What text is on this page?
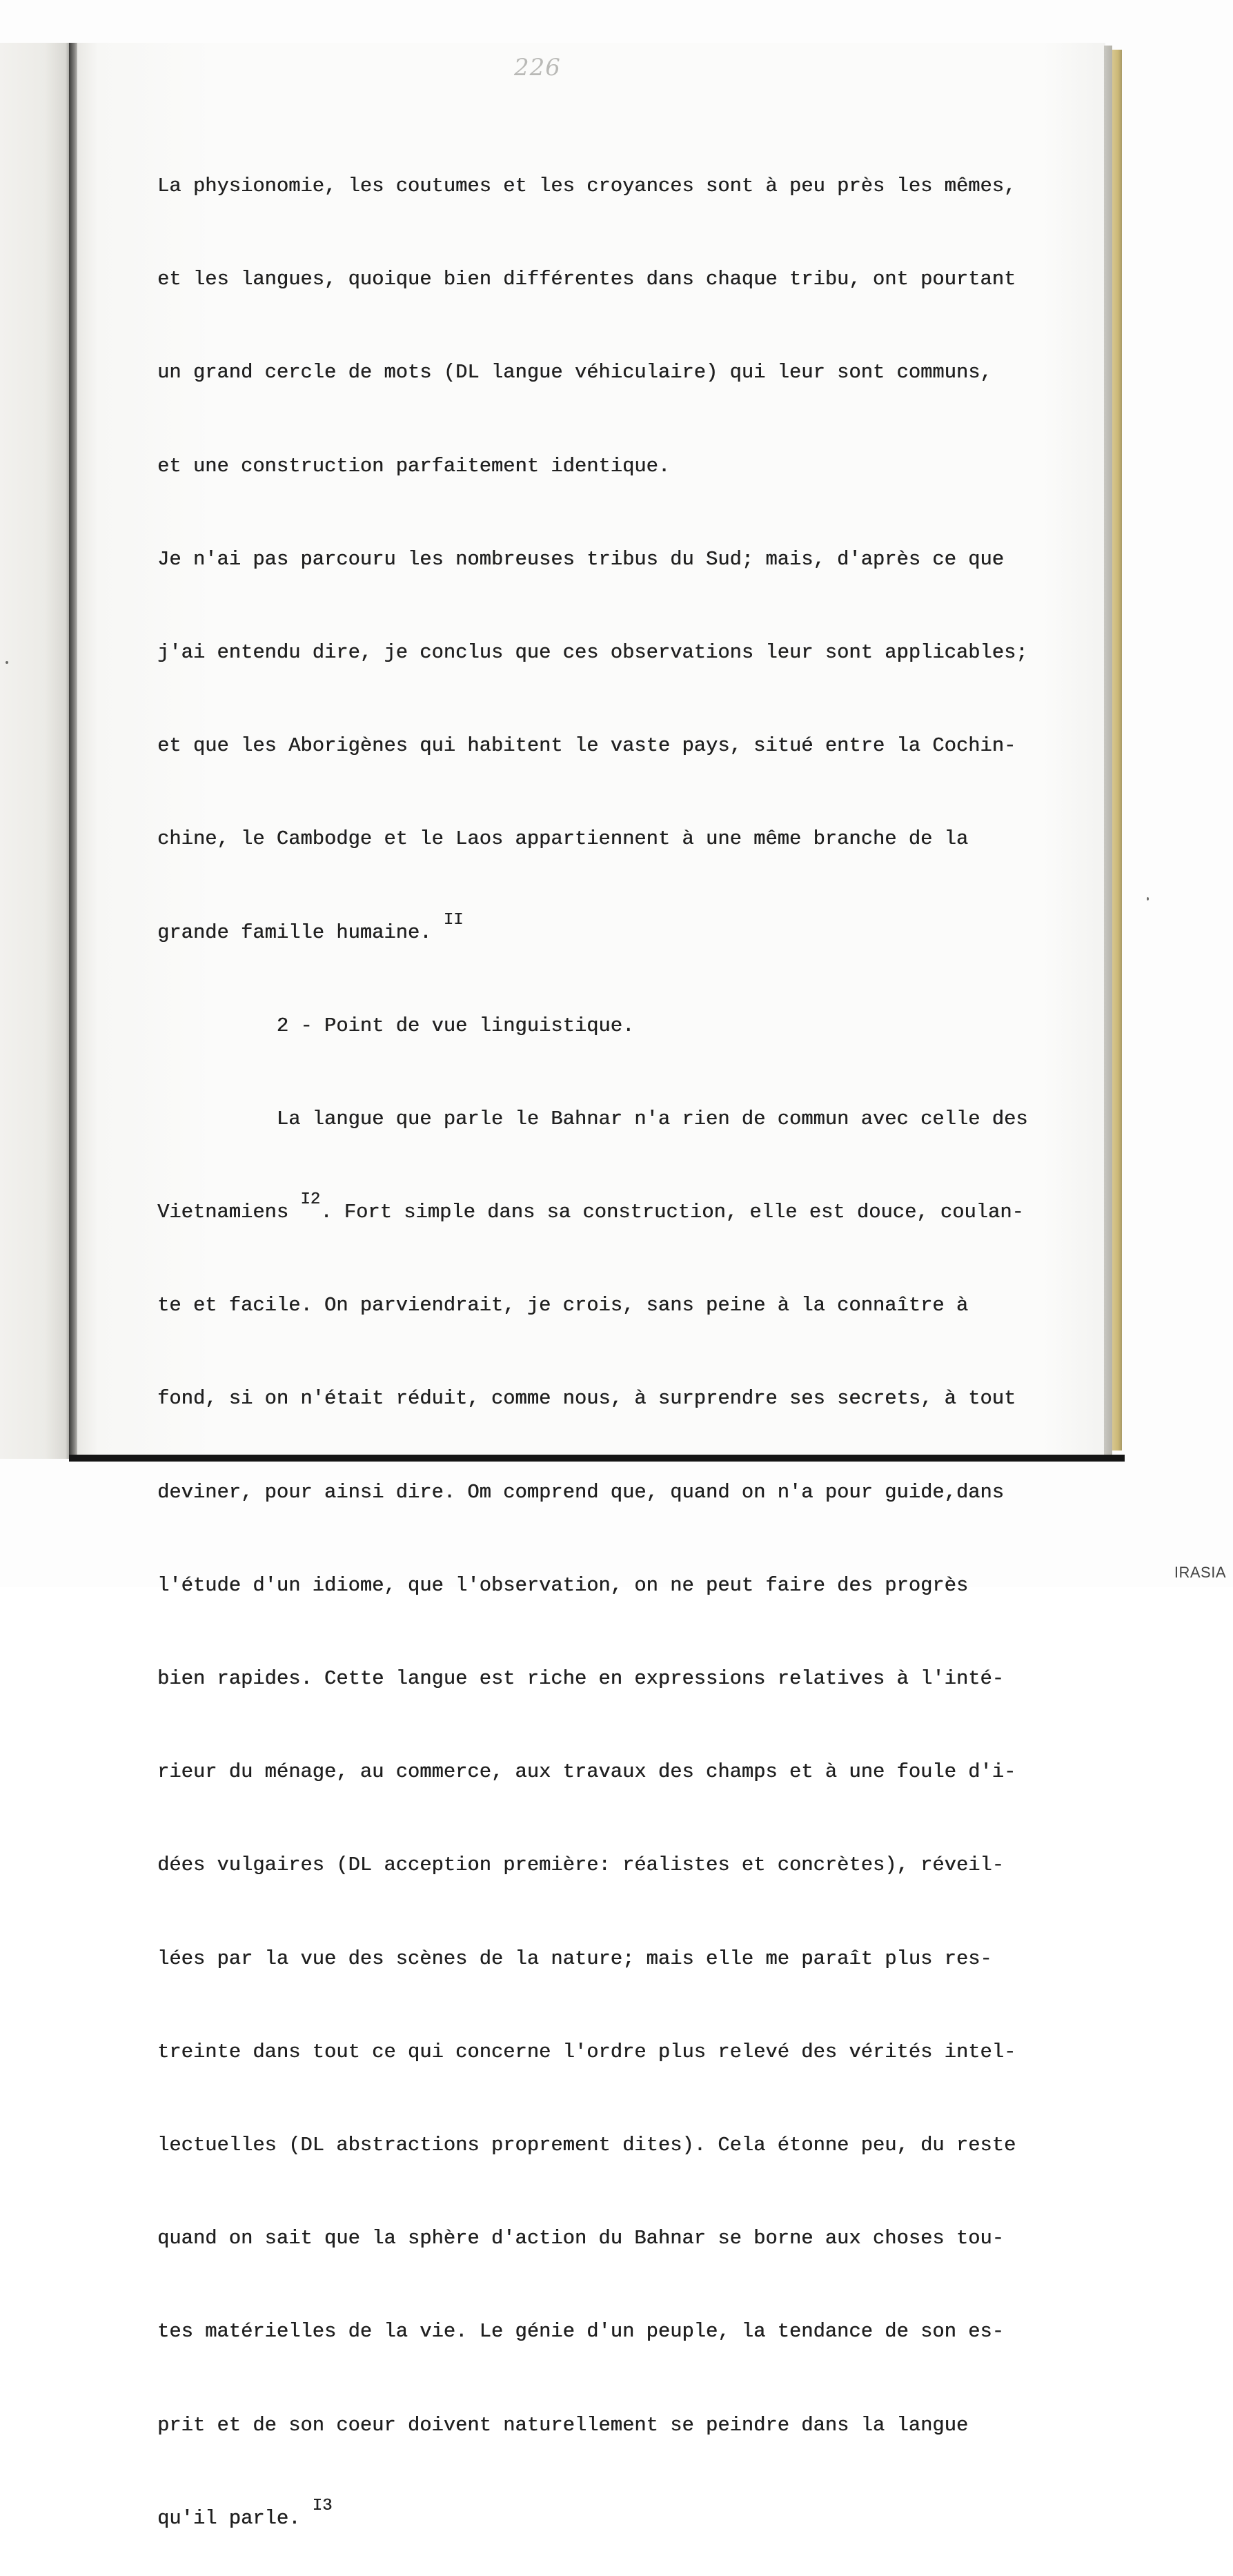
226

La physionomie, les coutumes et les croyances sont à peu près les mêmes,

et les langues, quoique bien différentes dans chaque tribu, ont pourtant

un grand cercle de mots (DL langue véhiculaire) qui leur sont communs,

et une construction parfaitement identique.

Je n'ai pas parcouru les nombreuses tribus du Sud; mais, d'après ce que

j'ai entendu dire, je conclus que ces observations leur sont applicables;

et que les Aborigènes qui habitent le vaste pays, situé entre la Cochin-

chine, le Cambodge et le Laos appartiennent à une même branche de la

grande famille humaine. $^{II}$

2 - Point de vue linguistique.

La langue que parle le Bahnar n'a rien de commun avec celle des

Vietnamiens $^{I2}$. Fort simple dans sa construction, elle est douce, coulan-

te et facile. On parviendrait, je crois, sans peine à la connaître à

fond, si on n'était réduit, comme nous, à surprendre ses secrets, à tout

deviner, pour ainsi dire. Om comprend que, quand on n'a pour guide,dans

l'étude d'un idiome, que l'observation, on ne peut faire des progrès

bien rapides. Cette langue est riche en expressions relatives à l'inté-

rieur du ménage, au commerce, aux travaux des champs et à une foule d'i-

dées vulgaires (DL acception première: réalistes et concrètes), réveil-

lées par la vue des scènes de la nature; mais elle me paraît plus res-

treinte dans tout ce qui concerne l'ordre plus relevé des vérités intel-

lectuelles (DL abstractions proprement dites). Cela étonne peu, du reste

quand on sait que la sphère d'action du Bahnar se borne aux choses tou-

tes matérielles de la vie. Le génie d'un peuple, la tendance de son es-

prit et de son coeur doivent naturellement se peindre dans la langue

qu'il parle. $^{I3}$

IRASIA
